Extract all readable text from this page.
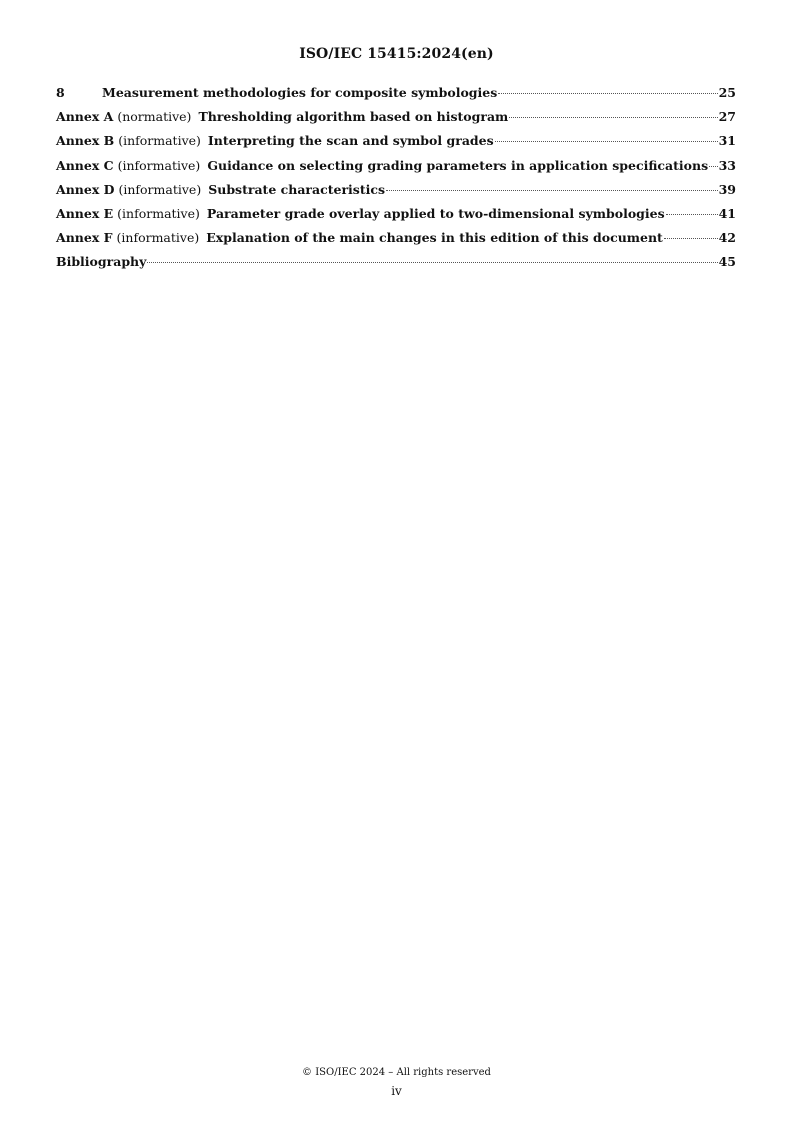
ISO/IEC 15415:2024(en)
8	Measurement methodologies for composite symbologies	25
Annex A (normative) Thresholding algorithm based on histogram	27
Annex B (informative) Interpreting the scan and symbol grades	31
Annex C (informative) Guidance on selecting grading parameters in application specifications 33
Annex D (informative) Substrate characteristics	39
Annex E (informative) Parameter grade overlay applied to two-dimensional symbologies	41
Annex F (informative) Explanation of the main changes in this edition of this document	42
Bibliography	45
© ISO/IEC 2024 – All rights reserved
iv
